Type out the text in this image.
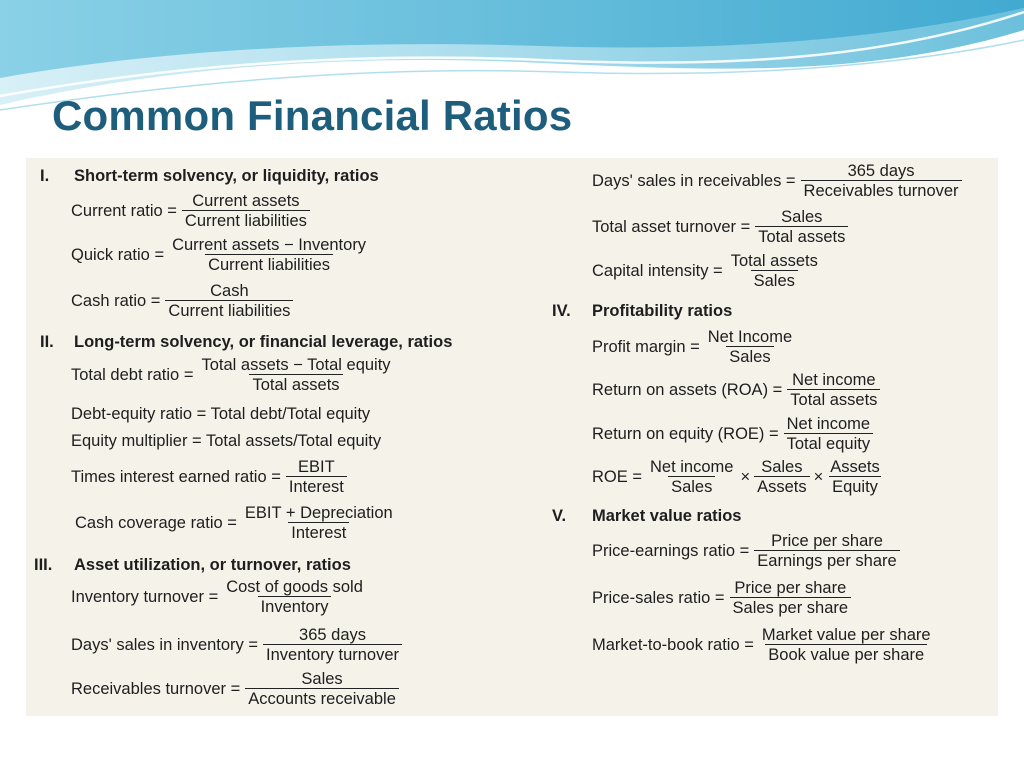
Common Financial Ratios
I. Short-term solvency, or liquidity, ratios
Current ratio = $\frac{\text{Current assets}}{\text{Current liabilities}}$
Quick ratio = $\frac{\text{Current assets − Inventory}}{\text{Current liabilities}}$
Cash ratio = $\frac{\text{Cash}}{\text{Current liabilities}}$
II. Long-term solvency, or financial leverage, ratios
Total debt ratio = $\frac{\text{Total assets − Total equity}}{\text{Total assets}}$
Debt-equity ratio = Total debt/Total equity
Equity multiplier = Total assets/Total equity
Times interest earned ratio = $\frac{\text{EBIT}}{\text{Interest}}$
Cash coverage ratio = $\frac{\text{EBIT + Depreciation}}{\text{Interest}}$
III. Asset utilization, or turnover, ratios
Inventory turnover = $\frac{\text{Cost of goods sold}}{\text{Inventory}}$
Days' sales in inventory = $\frac{\text{365 days}}{\text{Inventory turnover}}$
Receivables turnover = $\frac{\text{Sales}}{\text{Accounts receivable}}$
Days' sales in receivables = $\frac{\text{365 days}}{\text{Receivables turnover}}$
Total asset turnover = $\frac{\text{Sales}}{\text{Total assets}}$
Capital intensity = $\frac{\text{Total assets}}{\text{Sales}}$
IV. Profitability ratios
Profit margin = $\frac{\text{Net Income}}{\text{Sales}}$
Return on assets $(ROA) = \frac{\text{Net income}}{\text{Total assets}}$
Return on equity $(ROE) = \frac{\text{Net income}}{\text{Total equity}}$
ROE = $\frac{\text{Net income}}{\text{Sales}} \times \frac{\text{Sales}}{\text{Assets}} \times \frac{\text{Assets}}{\text{Equity}}$
V. Market value ratios
Price-earnings ratio = $\frac{\text{Price per share}}{\text{Earnings per share}}$
Price-sales ratio = $\frac{\text{Price per share}}{\text{Sales per share}}$
Market-to-book ratio = $\frac{\text{Market value per share}}{\text{Book value per share}}$
